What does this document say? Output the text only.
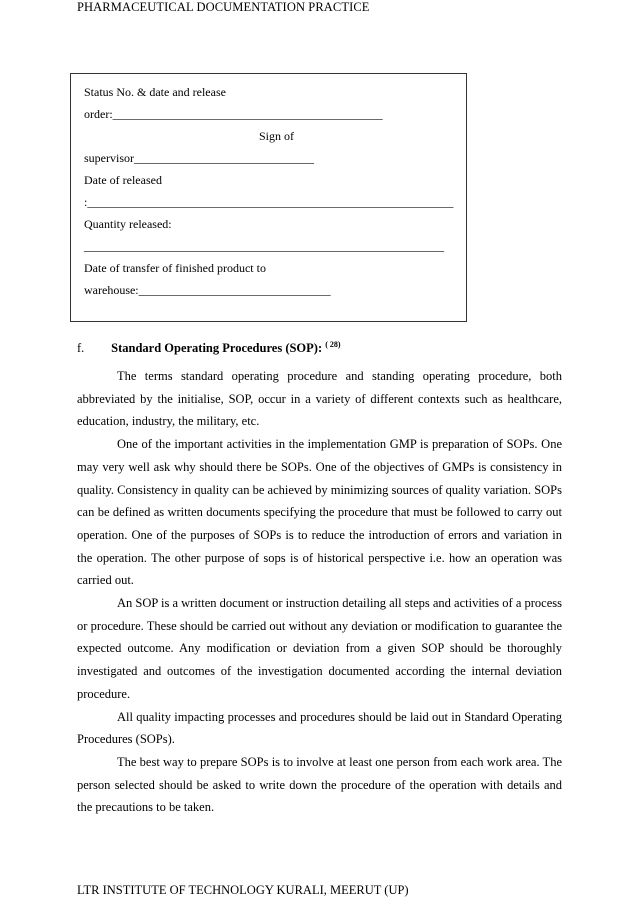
PHARMACEUTICAL DOCUMENTATION PRACTICE
Status No. & date and release
order:_____________________________________________
Sign of
supervisor______________________________
Date of released
:_____________________________________________________________
Quantity released:
____________________________________________________________
Date of transfer of finished product to
warehouse:________________________________
f. Standard Operating Procedures (SOP): $^{( 28)}$

The terms standard operating procedure and standing operating procedure, both abbreviated by the initialise, SOP, occur in a variety of different contexts such as healthcare, education, industry, the military, etc.

One of the important activities in the implementation GMP is preparation of SOPs. One may very well ask why should there be SOPs. One of the objectives of GMPs is consistency in quality. Consistency in quality can be achieved by minimizing sources of quality variation. SOPs can be defined as written documents specifying the procedure that must be followed to carry out operation. One of the purposes of SOPs is to reduce the introduction of errors and variation in the operation. The other purpose of sops is of historical perspective i.e. how an operation was carried out.

An SOP is a written document or instruction detailing all steps and activities of a process or procedure. These should be carried out without any deviation or modification to guarantee the expected outcome. Any modification or deviation from a given SOP should be thoroughly investigated and outcomes of the investigation documented according the internal deviation procedure.

All quality impacting processes and procedures should be laid out in Standard Operating Procedures (SOPs).

The best way to prepare SOPs is to involve at least one person from each work area. The person selected should be asked to write down the procedure of the operation with details and the precautions to be taken.

LTR INSTITUTE OF TECHNOLOGY KURALI, MEERUT (UP)
